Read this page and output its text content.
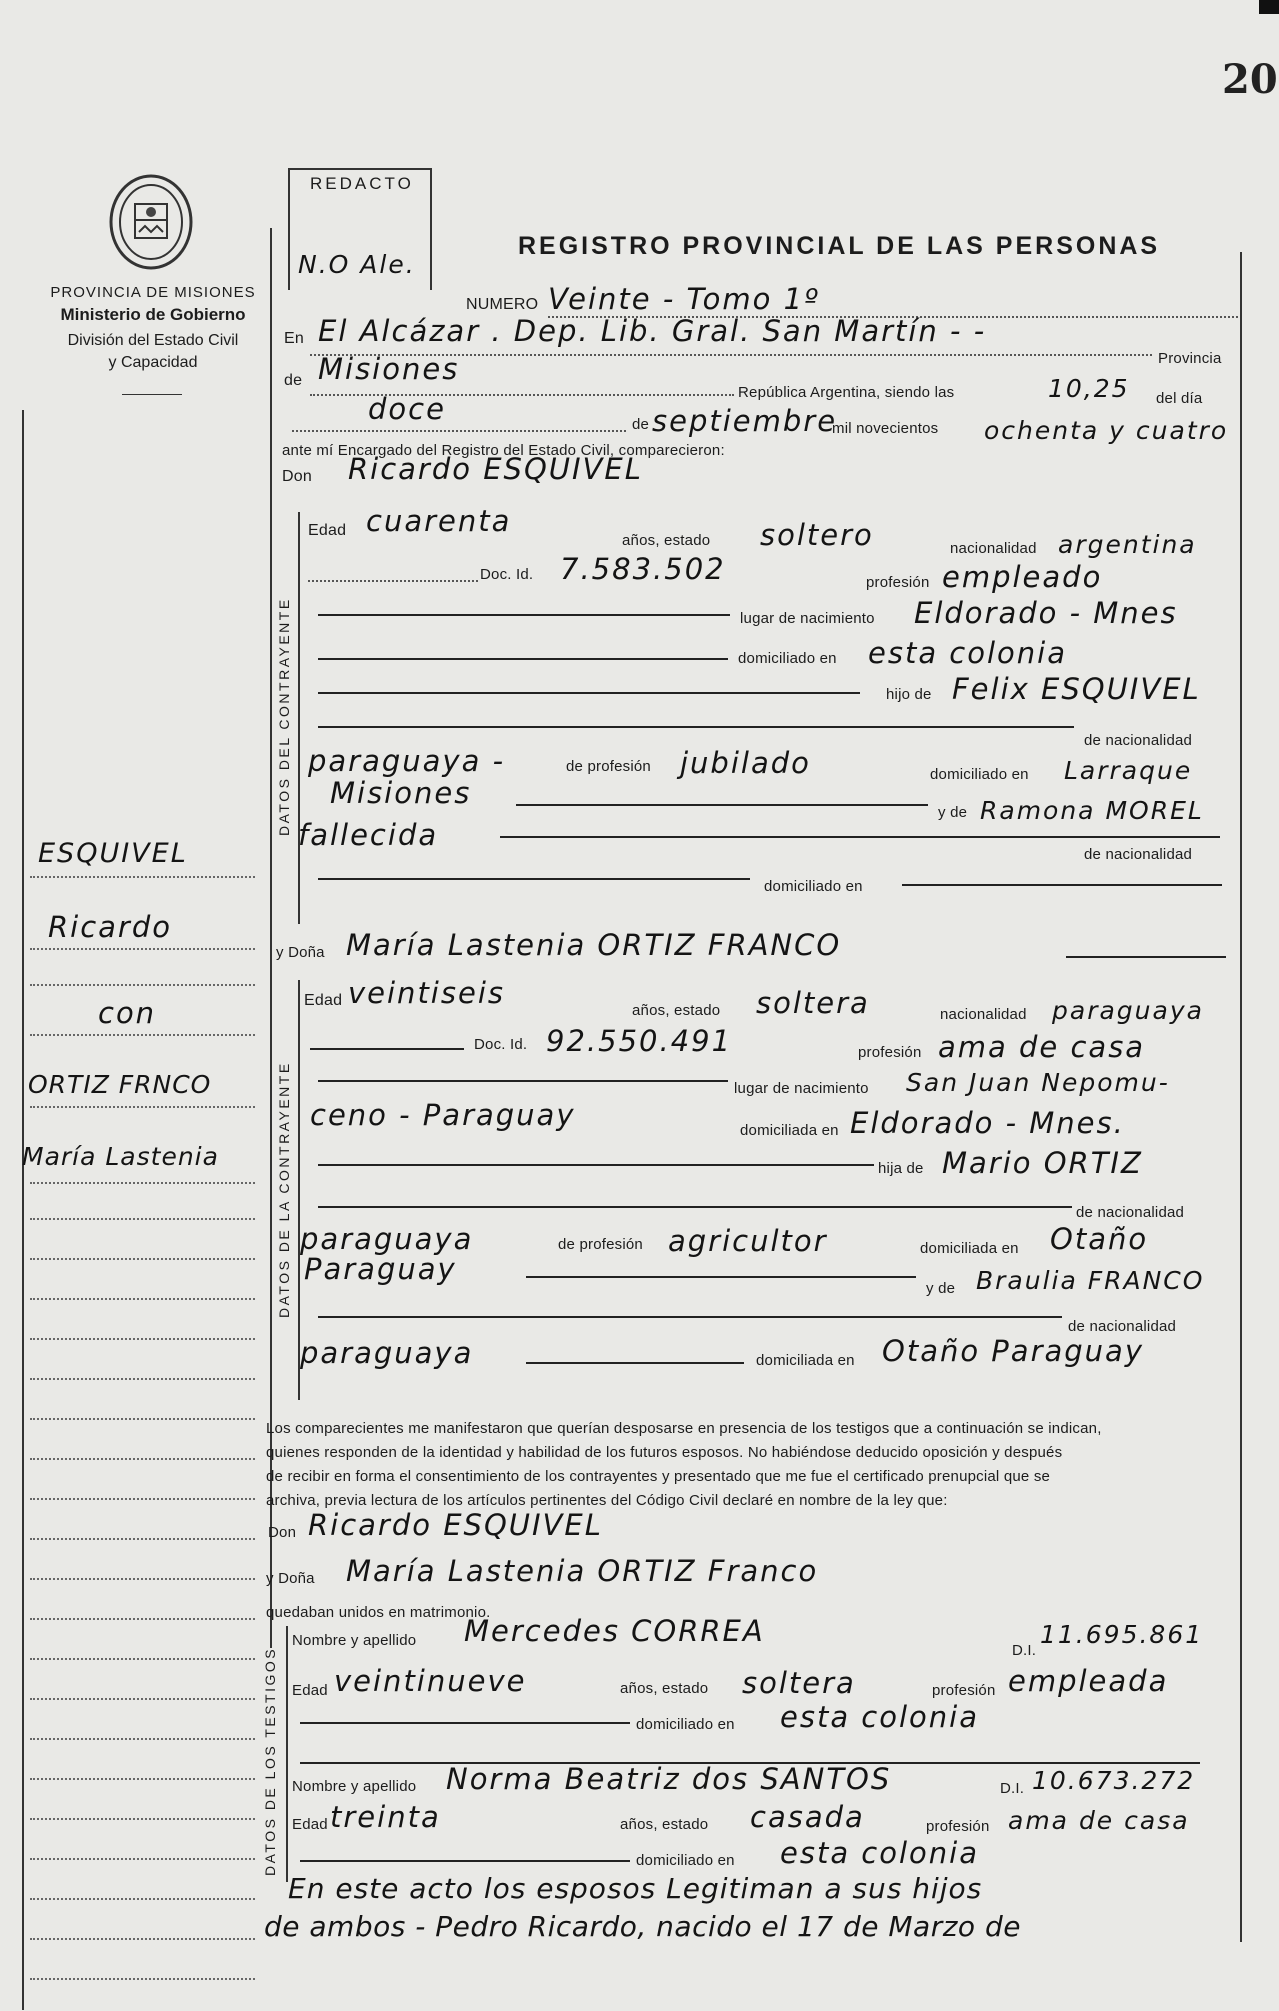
20
PROVINCIA DE MISIONES
Ministerio de Gobierno
División del Estado Civil
y Capacidad
REDACTO
N.O Ale.
REGISTRO PROVINCIAL DE LAS PERSONAS
NUMERO Veinte - Tomo 1º
En El Alcázar . Dep. Lib. Gral. San Martín - -
Provincia
de Misiones
República Argentina, siendo las	10,25 del día
doce	de septiembre
mil novecientos ochenta y cuatro
ante mí Encargado del Registro del Estado Civil, comparecieron:
Don Ricardo ESQUIVEL
DATOS DEL CONTRAYENTE
Edad cuarenta
años, estado soltero	nacionalidad argentina
Doc. Id. 7.583.502	profesión empleado
lugar de nacimiento Eldorado - Mnes
domiciliado en esta colonia
hijo de Felix ESQUIVEL
de nacionalidad
paraguaya -	de profesión jubilado	domiciliado en Larraque
Misiones
y de Ramona MOREL
fallecida
de nacionalidad
domiciliado en
y Doña María Lastenia ORTIZ FRANCO
DATOS DE LA CONTRAYENTE
Edad veintiseis
años, estado soltera	nacionalidad paraguaya
Doc. Id. 92.550.491	profesión ama de casa
lugar de nacimiento San Juan Nepomu-
ceno - Paraguay	domiciliada en Eldorado - Mnes.
hija de Mario ORTIZ
de nacionalidad
paraguaya	de profesión agricultor	domiciliada en Otaño
Paraguay
y de Braulia FRANCO
de nacionalidad
paraguaya	domiciliada en Otaño Paraguay
Los comparecientes me manifestaron que querían desposarse en presencia de los testigos que a continuación se indican,
quienes responden de la identidad y habilidad de los futuros esposos. No habiéndose deducido oposición y después
de recibir en forma el consentimiento de los contrayentes y presentado que me fue el certificado prenupcial que se
archiva, previa lectura de los artículos pertinentes del Código Civil declaré en nombre de la ley que:
Don Ricardo ESQUIVEL
y Doña María Lastenia ORTIZ Franco
quedaban unidos en matrimonio.
DATOS DE LOS TESTIGOS
Nombre y apellido Mercedes CORREA
D.I.
11.695.861
Edad veintinueve	años, estado soltera	profesión empleada
domiciliado en esta colonia
Nombre y apellido Norma Beatriz dos SANTOS	D.I. 10.673.272
Edad treinta	años, estado casada	profesión ama de casa
domiciliado en esta colonia
En este acto los esposos Legitiman a sus hijos
de ambos - Pedro Ricardo, nacido el 17 de Marzo de
ESQUIVEL
Ricardo
con
ORTIZ FRNCO
María Lastenia
